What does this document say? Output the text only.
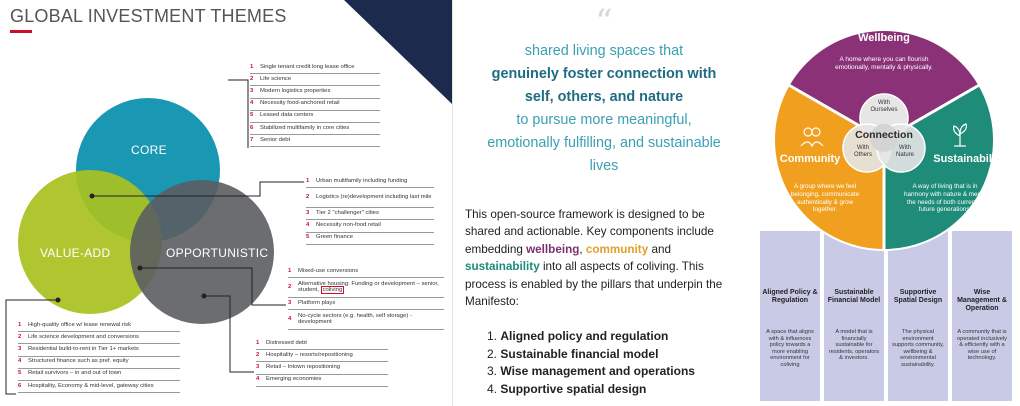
GLOBAL INVESTMENT THEMES
CORE
VALUE-ADD	OPPORTUNISTIC
1	Single tenant credit long lease office
2	Life science
3	Modern logistics properties
4	Necessity food-anchored retail
5	Leased data centers
6	Stabilized multifamily in core cities
7	Senior debt
1	Urban multifamily including funding
2	Logistics (re)development including last mile
3	Tier 2 "challenger" cities
4	Necessity non-food retail
5	Green finance
1	Mixed-use conversions
2	Alternative housing: Funding or development – senior, student, coliving
3	Platform plays
4	No-cycle sectors (e.g. health, self storage) - development
1	Distressed debt
2	Hospitality – resorts/repositioning
3	Retail – Intown repositioning
4	Emerging economies
1	High-quality office w/ lease renewal risk
2	Life science development and conversions
3	Residential build-to-rent in Tier 1+ markets
4	Structured finance such as pref. equity
5	Retail survivors – in and out of town
6	Hospitality, Economy & mid-level, gateway cities
“
shared living spaces that
genuinely foster connection with
self, others, and nature
to pursue more meaningful,
emotionally fulfilling, and sustainable
lives
This open-source framework is designed to be shared and actionable. Key components include embedding wellbeing, community and sustainability into all aspects of coliving. This process is enabled by the pillars that underpin the Manifesto:
1. Aligned policy and regulation
2. Sustainable financial model
3. Wise management and operations
4. Supportive spatial design
Aligned Policy & Regulation
A space that aligns with & influences policy towards a more enabling environment for coliving
Sustainable Financial Model
A model that is financially sustainable for residents, operators & investors.
Supportive Spatial Design
The physical environment supports community, wellbeing & environmental sustainability.
Wise Management & Operation
A community that is operated inclusively & efficiently with a wise use of technology.
Wellbeing
A home where you can flourish emotionally, mentally & physically.
Community
A group where we feel belonging, communicate authentically & grow together.
Sustainability
A way of living that is in harmony with nature & meets the needs of both current & future generations.
Connection
With Ourselves
With Others
With Nature
